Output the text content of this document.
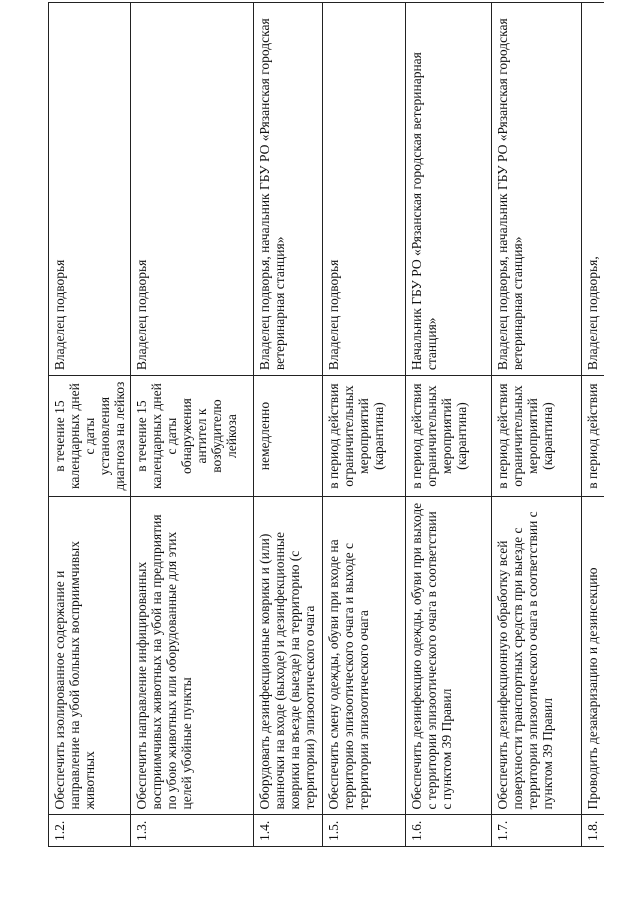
1.2.	Обеспечить изолированное содержание и направление на убой больных восприимчивых животных	в течение 15 календарных дней с даты установления диагноза на лейкоз	Владелец подворья
1.3.	Обеспечить направление инфицированных восприимчивых животных на убой на предприятия по убою животных или оборудованные для этих целей убойные пункты	в течение 15 календарных дней с даты обнаружения антител к возбудителю лейкоза	Владелец подворья
1.4.	Оборудовать дезинфекционные коврики и (или) ванночки на входе (выходе) и дезинфекционные коврики на въезде (выезде) на территорию (с территории) эпизоотического очага	немедленно	Владелец подворья, начальник ГБУ РО «Рязанская городская ветеринарная станция»
1.5.	Обеспечить смену одежды, обуви при входе на территорию эпизоотического очага и выходе с территории эпизоотического очага	в период действия ограничительных мероприятий (карантина)	Владелец подворья
1.6.	Обеспечить дезинфекцию одежды, обуви при выходе с территории эпизоотического очага в соответствии с пунктом 39 Правил	в период действия ограничительных мероприятий (карантина)	Начальник ГБУ РО «Рязанская городская ветеринарная станция»
1.7.	Обеспечить дезинфекционную обработку всей поверхности транспортных средств при выезде с территории эпизоотического очага в соответствии с пунктом 39 Правил	в период действия ограничительных мероприятий (карантина)	Владелец подворья, начальник ГБУ РО «Рязанская городская ветеринарная станция»

1.8.	Проводить дезакаризацию и дезинсекцию	в период действия	Владелец подворья,
